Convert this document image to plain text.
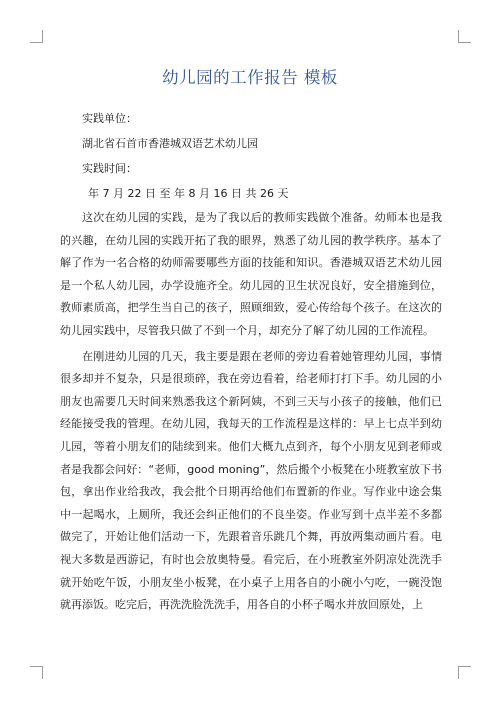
幼儿园的工作报告 模板
实践单位：
湖北省石首市香港城双语艺术幼儿园
实践时间：
年 7 月 22 日 至 年 8 月 16 日 共 26 天

这次在幼儿园的实践，是为了我以后的教师实践做个准备。幼师本也是我的兴趣，在幼儿园的实践开拓了我的眼界，熟悉了幼儿园的教学秩序。基本了解了作为一名合格的幼师需要哪些方面的技能和知识。香港城双语艺术幼儿园是一个私人幼儿园，办学设施齐全。幼儿园的卫生状况良好，安全措施到位，教师素质高，把学生当自己的孩子，照顾细致，爱心传给每个孩子。在这次的幼儿园实践中，尽管我只做了不到一个月，却充分了解了幼儿园的工作流程。

在刚进幼儿园的几天，我主要是跟在老师的旁边看着她管理幼儿园，事情很多却并不复杂，只是很琐碎，我在旁边看着，给老师打打下手。幼儿园的小朋友也需要几天时间来熟悉我这个新阿姨，不到三天与小孩子的接触，他们已经能接受我的管理。在幼儿园，我每天的工作流程是这样的：早上七点半到幼儿园，等着小朋友们的陆续到来。他们大概九点到齐，每个小朋友见到老师或者是我都会问好：“老师，good moning”，然后搬个小板凳在小班教室放下书包，拿出作业给我改，我会批个日期再给他们布置新的作业。写作业中途会集中一起喝水，上厕所，我还会纠正他们的不良坐姿。作业写到十点半差不多都做完了，开始让他们活动一下，先跟着音乐跳几个舞，再放两集动画片看。电视大多数是西游记，有时也会放奥特曼。看完后，在小班教室外阴凉处洗洗手就开始吃午饭，小朋友坐小板凳，在小桌子上用各自的小碗小勺吃，一碗没饱就再添饭。吃完后，再洗洗脸洗洗手，用各自的小杯子喝水并放回原处，上
